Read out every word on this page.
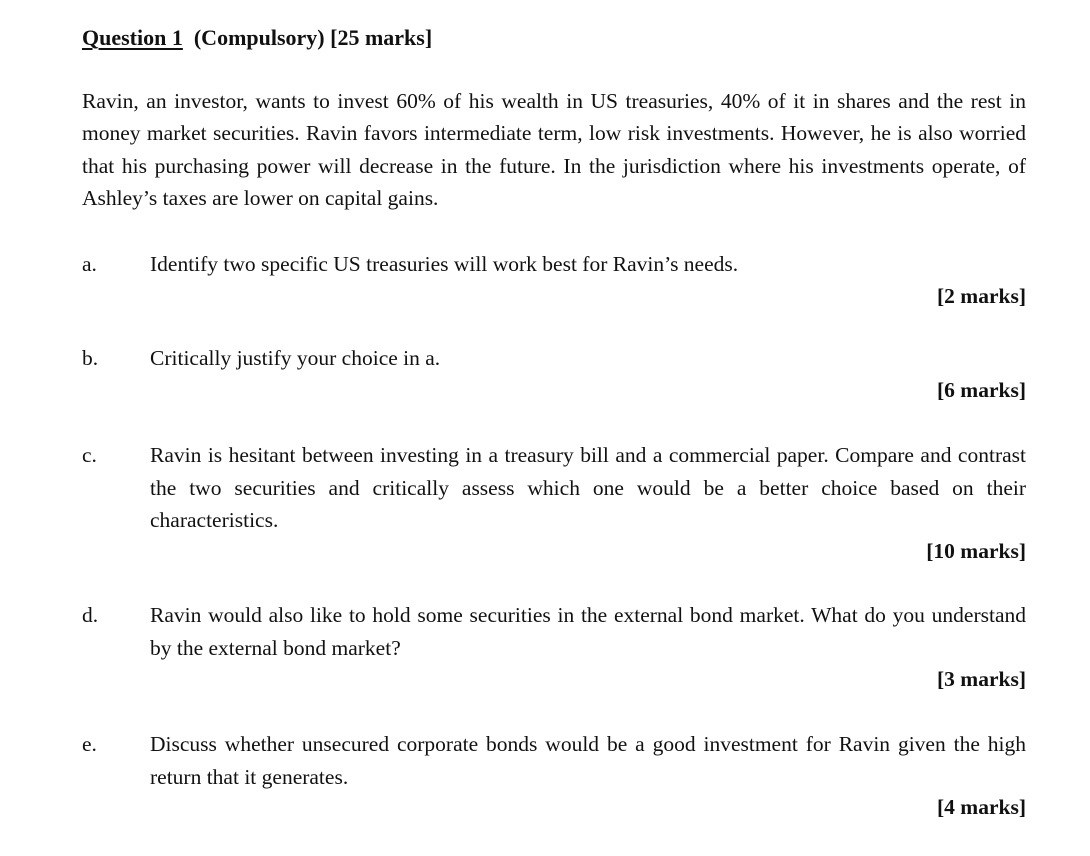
Question 1 (Compulsory) [25 marks]
Ravin, an investor, wants to invest 60% of his wealth in US treasuries, 40% of it in shares and the rest in money market securities. Ravin favors intermediate term, low risk investments. However, he is also worried that his purchasing power will decrease in the future. In the jurisdiction where his investments operate, of Ashley’s taxes are lower on capital gains.
a. Identify two specific US treasuries will work best for Ravin’s needs.
[2 marks]
b. Critically justify your choice in a.
[6 marks]
c. Ravin is hesitant between investing in a treasury bill and a commercial paper. Compare and contrast the two securities and critically assess which one would be a better choice based on their characteristics.
[10 marks]
d. Ravin would also like to hold some securities in the external bond market. What do you understand by the external bond market?
[3 marks]
e. Discuss whether unsecured corporate bonds would be a good investment for Ravin given the high return that it generates.
[4 marks]
